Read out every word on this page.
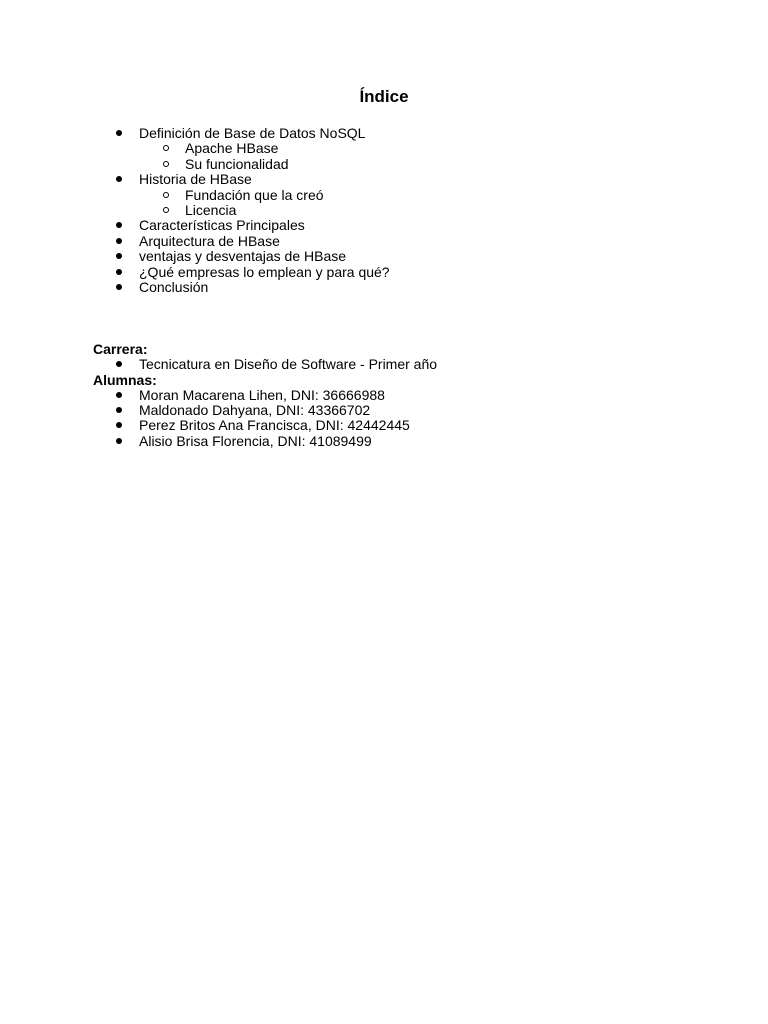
Índice
Definición de Base de Datos NoSQL
Apache HBase
Su funcionalidad
Historia de HBase
Fundación que la creó
Licencia
Características Principales
Arquitectura de HBase
ventajas y desventajas de HBase
¿Qué empresas lo emplean y para qué?
Conclusión
Carrera:
Tecnicatura en Diseño de Software - Primer año
Alumnas:
Moran Macarena Lihen, DNI: 36666988
Maldonado Dahyana, DNI: 43366702
Perez Britos Ana Francisca, DNI: 42442445
Alisio Brisa Florencia, DNI: 41089499
